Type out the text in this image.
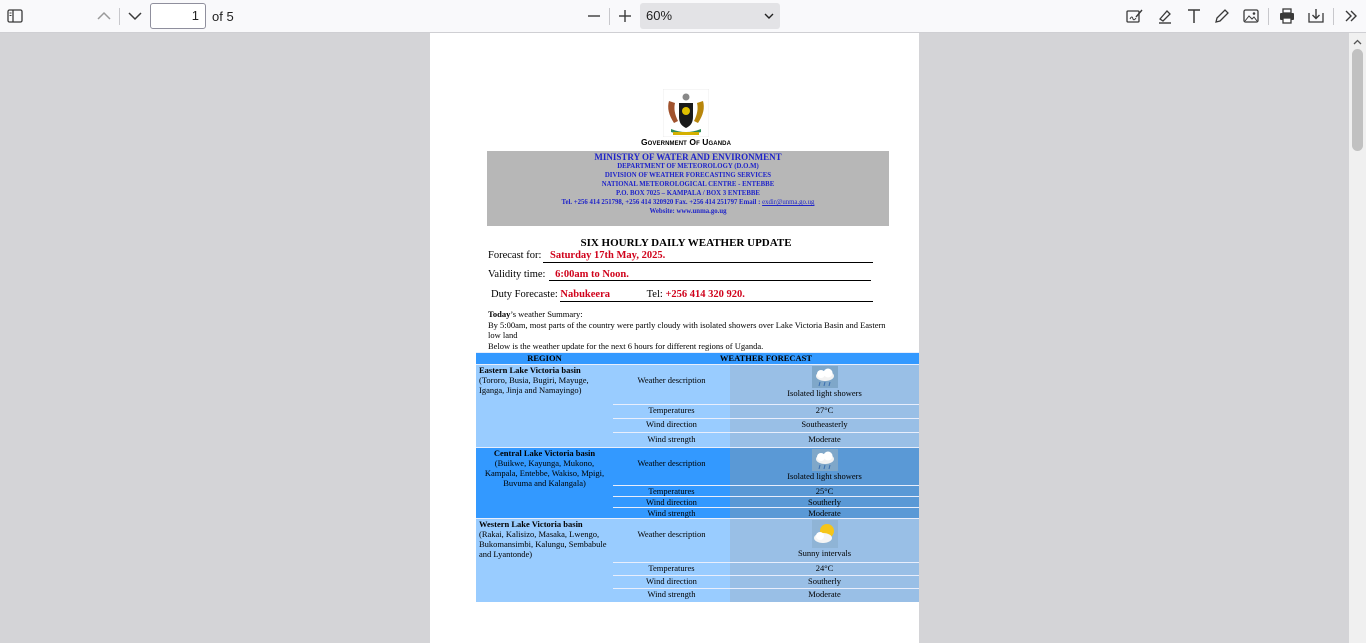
1	of 5	60%
Government Of Uganda
MINISTRY OF WATER AND ENVIRONMENT
DEPARTMENT OF METEOROLOGY (D.O.M)
DIVISION OF WEATHER FORECASTING SERVICES
NATIONAL METEOROLOGICAL CENTRE - ENTEBBE
P.O. BOX 7025 – KAMPALA / BOX 3 ENTEBBE
Tel. +256 414 251798, +256 414 320920 Fax. +256 414 251797 Email : exdir@unma.go.ug
Website: www.unma.go.ug
SIX HOURLY DAILY WEATHER UPDATE
Forecast for: Saturday 17th May, 2025.
Validity time: 6:00am to Noon.
Duty Forecaste: Nabukeera	Tel: +256 414 320 920.
Today’s weather Summary:
By 5:00am, most parts of the country were partly cloudy with isolated showers over Lake Victoria Basin and Eastern low land
Below is the weather update for the next 6 hours for different regions of Uganda.
REGION	WEATHER FORECAST	

Eastern Lake Victoria basin
(Tororo, Busia, Bugiri, Mayuge, Iganga, Jinja and Namayingo)	Weather description	Isolated light showers

	Temperatures	27°C
	Wind direction	Southeasterly
	Wind strength	Moderate

Central Lake Victoria basin
(Buikwe, Kayunga, Mukono, Kampala, Entebbe, Wakiso, Mpigi, Buvuma and Kalangala)	Weather description	Isolated light showers

	Temperatures	25°C
	Wind direction	Southerly
	Wind strength	Moderate

Western Lake Victoria basin
(Rakai, Kalisizo, Masaka, Lwengo, Bukomansimbi, Kalungu, Sembabule and Lyantonde)	Weather description	Sunny intervals

	Temperatures	24°C
	Wind direction	Southerly
	Wind strength	Moderate
